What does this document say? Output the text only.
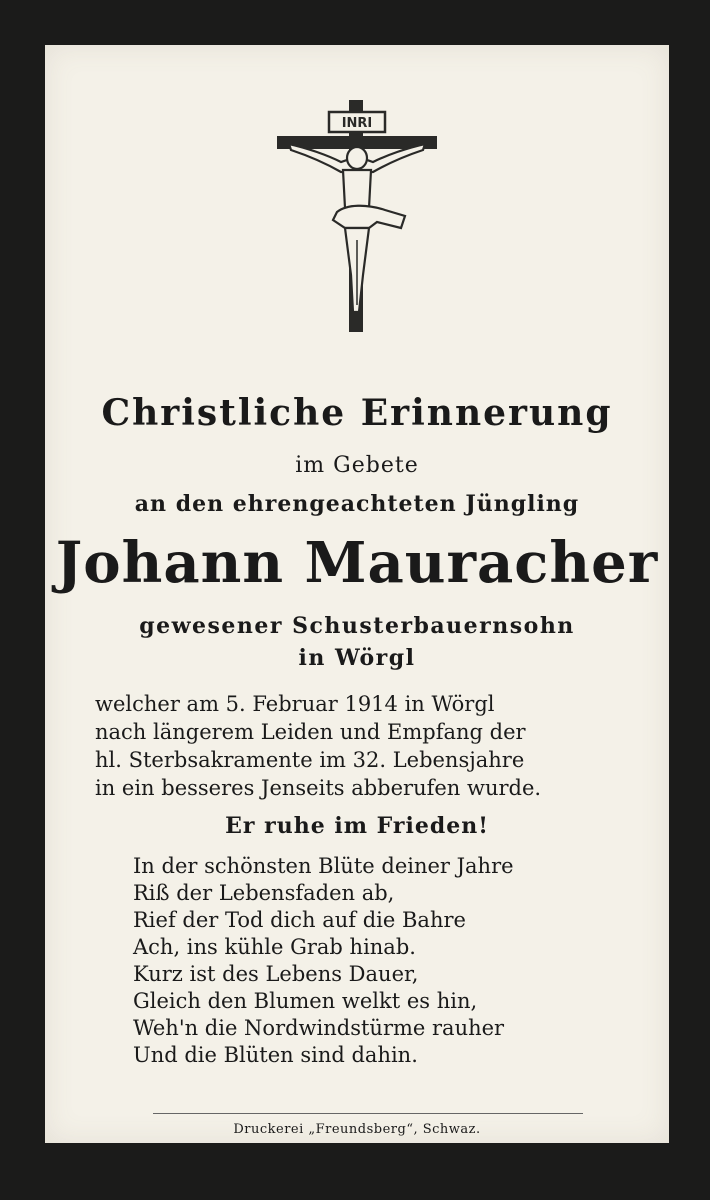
INRI
Christliche Erinnerung
im Gebete
an den ehrengeachteten Jüngling
Johann Mauracher
gewesener Schusterbauernsohn
in Wörgl
welcher am 5. Februar 1914 in Wörgl
nach längerem Leiden und Empfang der
hl. Sterbsakramente im 32. Lebensjahre
in ein besseres Jenseits abberufen wurde.
Er ruhe im Frieden!
In der schönsten Blüte deiner Jahre
Riß der Lebensfaden ab,
Rief der Tod dich auf die Bahre
Ach, ins kühle Grab hinab.
Kurz ist des Lebens Dauer,
Gleich den Blumen welkt es hin,
Weh'n die Nordwindstürme rauher
Und die Blüten sind dahin.
Druckerei „Freundsberg“, Schwaz.
